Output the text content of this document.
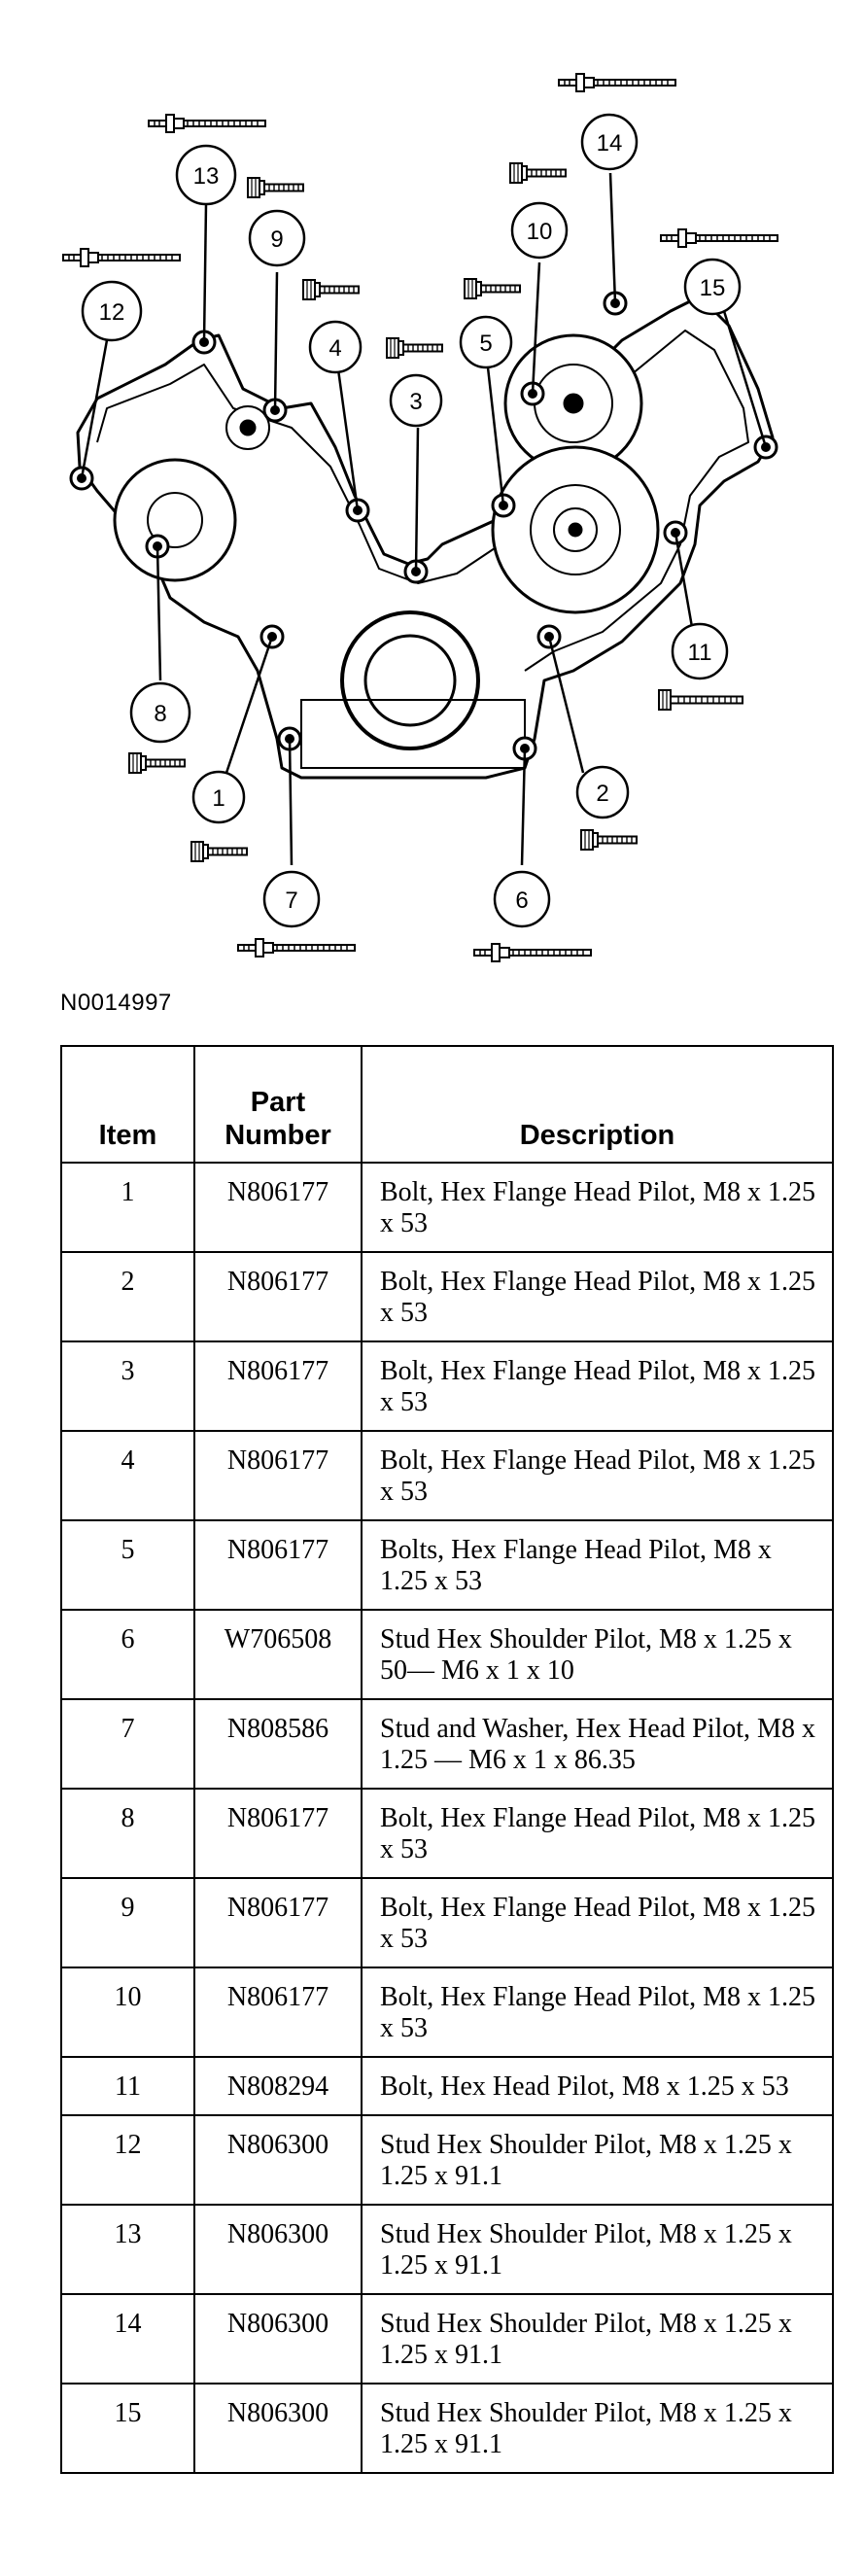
1	2
3
4	5
6
7
8
9	10
11
12
13
14
15
N0014997
Item	Part Number	Description
1	N806177	Bolt, Hex Flange Head Pilot, M8 x 1.25 x 53
2	N806177	Bolt, Hex Flange Head Pilot, M8 x 1.25 x 53
3	N806177	Bolt, Hex Flange Head Pilot, M8 x 1.25 x 53
4	N806177	Bolt, Hex Flange Head Pilot, M8 x 1.25 x 53
5	N806177	Bolts, Hex Flange Head Pilot, M8 x 1.25 x 53
6	W706508	Stud Hex Shoulder Pilot, M8 x 1.25 x 50— M6 x 1 x 10
7	N808586	Stud and Washer, Hex Head Pilot, M8 x 1.25 — M6 x 1 x 86.35
8	N806177	Bolt, Hex Flange Head Pilot, M8 x 1.25 x 53
9	N806177	Bolt, Hex Flange Head Pilot, M8 x 1.25 x 53
10	N806177	Bolt, Hex Flange Head Pilot, M8 x 1.25 x 53
11	N808294	Bolt, Hex Head Pilot, M8 x 1.25 x 53
12	N806300	Stud Hex Shoulder Pilot, M8 x 1.25 x 1.25 x 91.1
13	N806300	Stud Hex Shoulder Pilot, M8 x 1.25 x 1.25 x 91.1
14	N806300	Stud Hex Shoulder Pilot, M8 x 1.25 x 1.25 x 91.1
15	N806300	Stud Hex Shoulder Pilot, M8 x 1.25 x 1.25 x 91.1
